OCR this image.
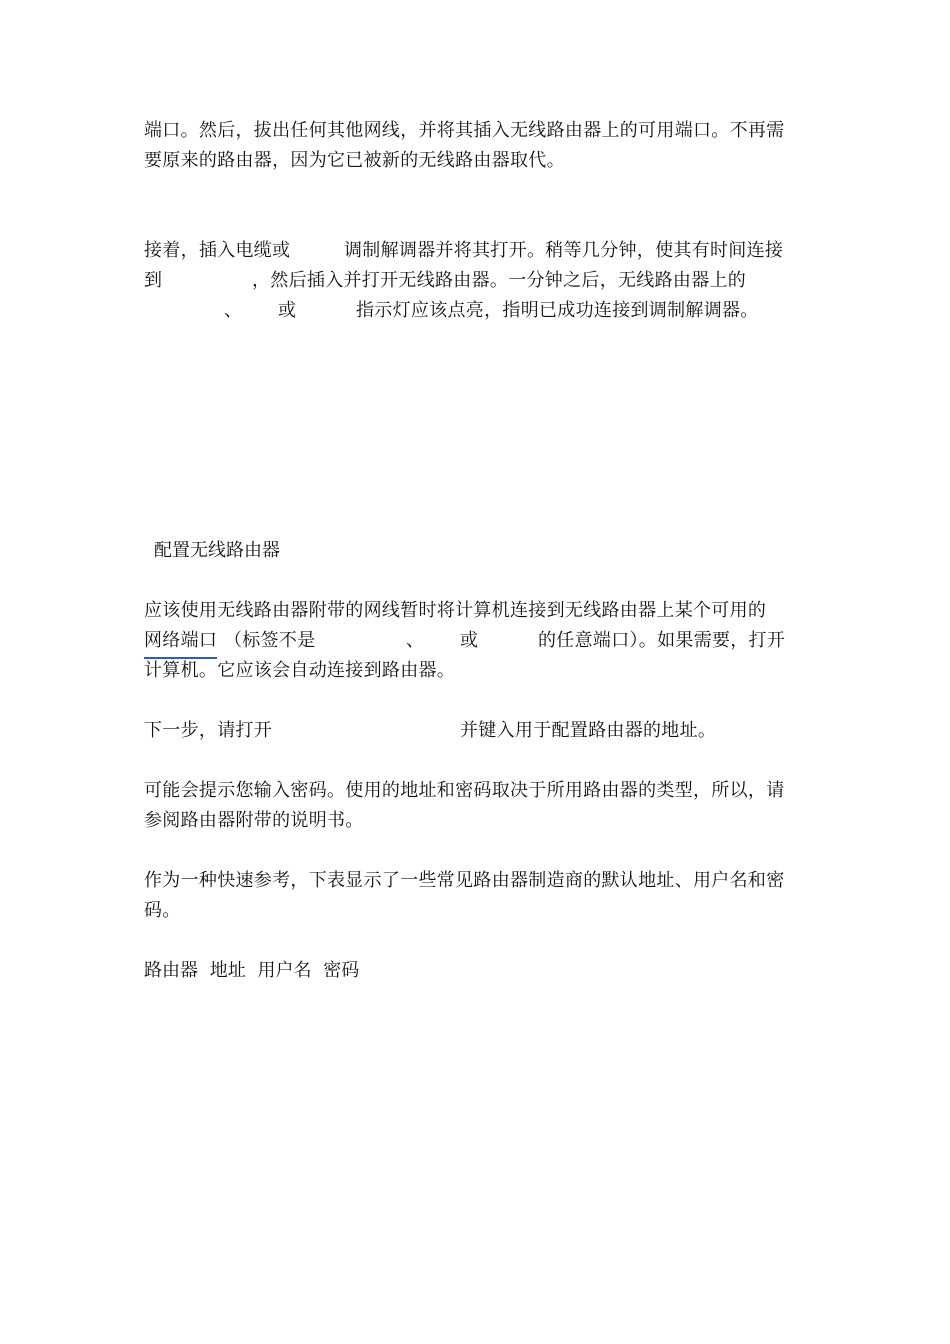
端口。然后，拔出任何其他网线，并将其插入无线路由器上的可用端口。不再需
要原来的路由器，因为它已被新的无线路由器取代。
接着，插入电缆或	调制解调器并将其打开。稍等几分钟，使其有时间连接
到	，然后插入并打开无线路由器。一分钟之后，无线路由器上的
、 或	指示灯应该点亮，指明已成功连接到调制解调器。
配置无线路由器
应该使用无线路由器附带的网线暂时将计算机连接到无线路由器上某个可用的
网络端口 （标签不是	、 或	的任意端口）。如果需要，打开
计算机。它应该会自动连接到路由器。
下一步，请打开	并键入用于配置路由器的地址。
可能会提示您输入密码。使用的地址和密码取决于所用路由器的类型，所以，请
参阅路由器附带的说明书。
作为一种快速参考，下表显示了一些常见路由器制造商的默认地址、用户名和密
码。
路由器 地址 用户名 密码
